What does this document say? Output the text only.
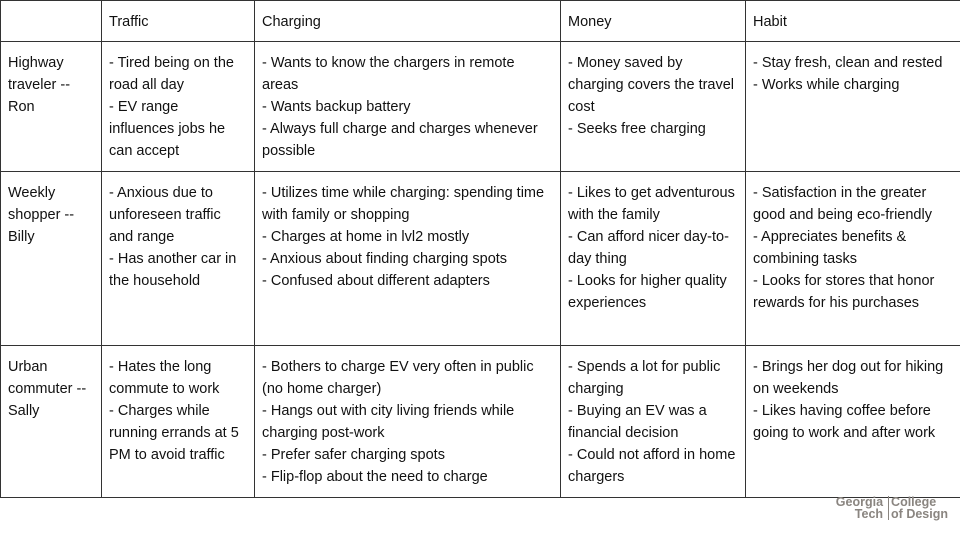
	Traffic	Charging	Money	Habit

Highway
traveler --
Ron	- Tired being on the road all day
- EV range influences jobs he can accept	- Wants to know the chargers in remote areas
- Wants backup battery
- Always full charge and charges whenever possible	- Money saved by charging covers the travel cost
- Seeks free charging	- Stay fresh, clean and rested
- Works while charging

Weekly
shopper --
Billy	- Anxious due to unforeseen traffic and range
- Has another car in the household	- Utilizes time while charging: spending time with family or shopping
- Charges at home in lvl2 mostly
- Anxious about finding charging spots
- Confused about different adapters	- Likes to get adventurous with the family
- Can afford nicer day-to-day thing
- Looks for higher quality experiences	- Satisfaction in the greater good and being eco-friendly
- Appreciates benefits & combining tasks
- Looks for stores that honor rewards for his purchases

Urban
commuter --
Sally	- Hates the long commute to work
- Charges while running errands at 5 PM to avoid traffic	- Bothers to charge EV very often in public (no home charger)
- Hangs out with city living friends while charging post-work
- Prefer safer charging spots
- Flip-flop about the need to charge	- Spends a lot for public charging
- Buying an EV was a financial decision
- Could not afford in home chargers	- Brings her dog out for hiking on weekends
- Likes having coffee before going to work and after work
Georgia
Tech
College
of Design
